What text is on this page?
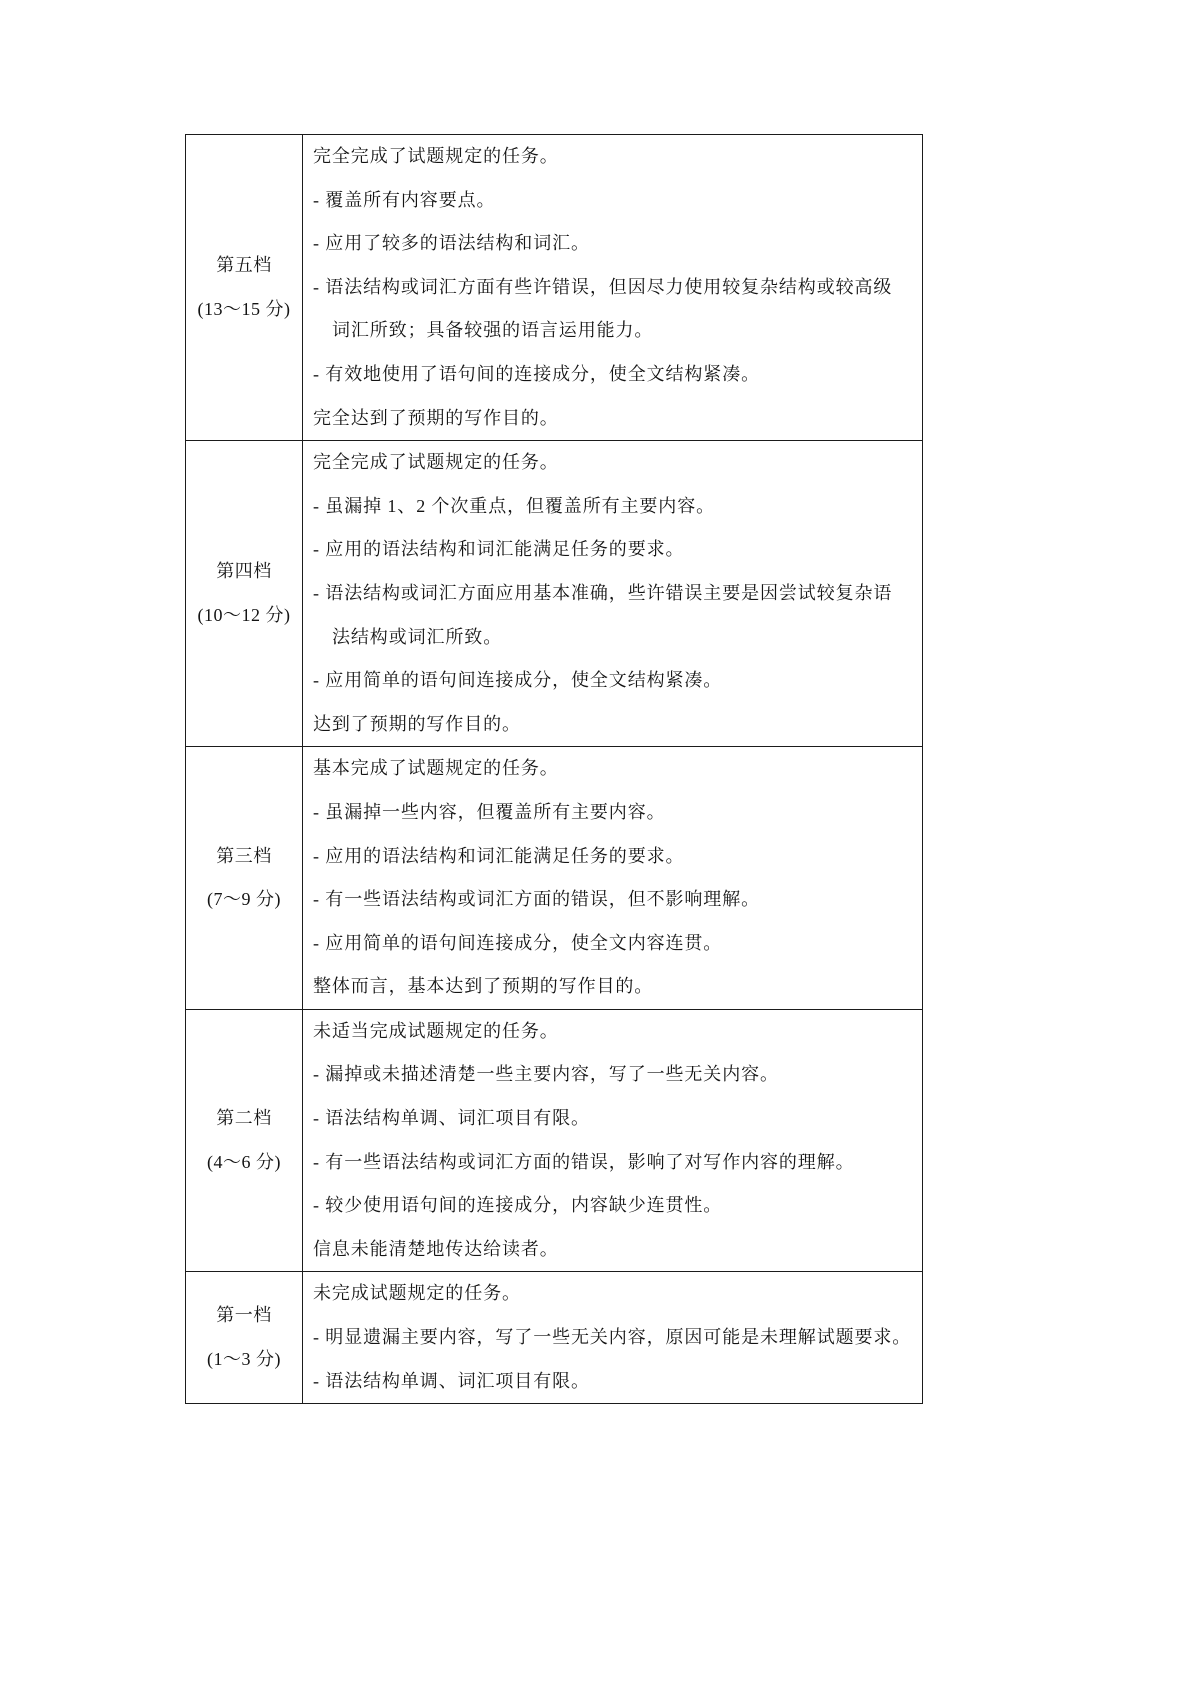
第五档
(13～15 分)
完全完成了试题规定的任务。
- 覆盖所有内容要点。
- 应用了较多的语法结构和词汇。
- 语法结构或词汇方面有些许错误，但因尽力使用较复杂结构或较高级
词汇所致；具备较强的语言运用能力。
- 有效地使用了语句间的连接成分，使全文结构紧凑。
完全达到了预期的写作目的。
第四档
(10～12 分)
完全完成了试题规定的任务。
- 虽漏掉 1、2 个次重点，但覆盖所有主要内容。
- 应用的语法结构和词汇能满足任务的要求。
- 语法结构或词汇方面应用基本准确，些许错误主要是因尝试较复杂语
法结构或词汇所致。
- 应用简单的语句间连接成分，使全文结构紧凑。
达到了预期的写作目的。
第三档
(7～9 分)
基本完成了试题规定的任务。
- 虽漏掉一些内容，但覆盖所有主要内容。
- 应用的语法结构和词汇能满足任务的要求。
- 有一些语法结构或词汇方面的错误，但不影响理解。
- 应用简单的语句间连接成分，使全文内容连贯。
整体而言，基本达到了预期的写作目的。
第二档
(4～6 分)
未适当完成试题规定的任务。
- 漏掉或未描述清楚一些主要内容，写了一些无关内容。
- 语法结构单调、词汇项目有限。
- 有一些语法结构或词汇方面的错误，影响了对写作内容的理解。
- 较少使用语句间的连接成分，内容缺少连贯性。
信息未能清楚地传达给读者。
第一档
(1～3 分)
未完成试题规定的任务。
- 明显遗漏主要内容，写了一些无关内容，原因可能是未理解试题要求。
- 语法结构单调、词汇项目有限。
